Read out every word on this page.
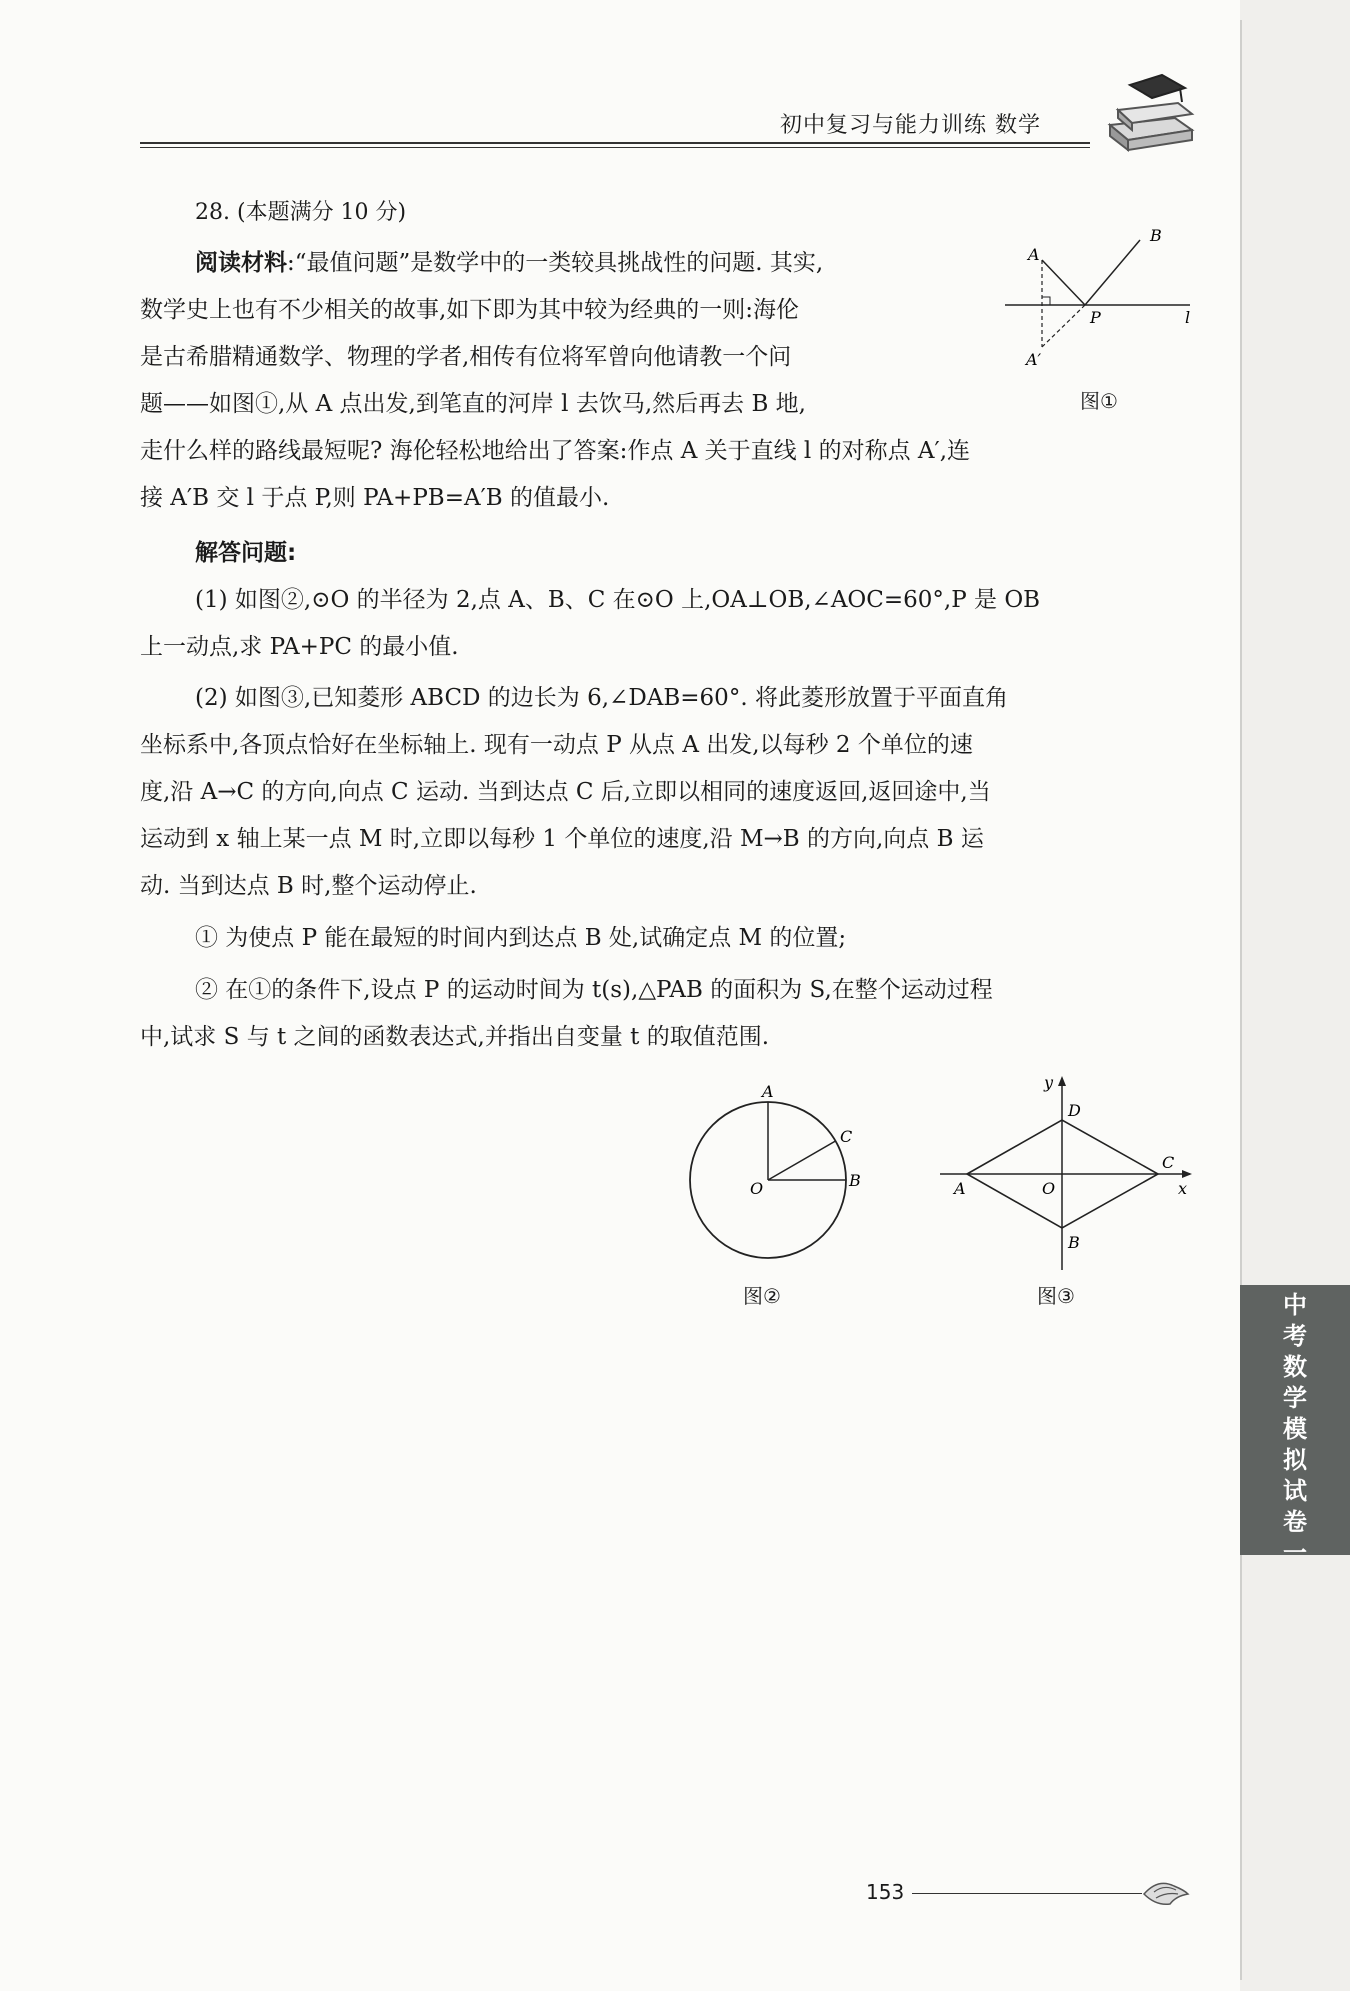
初中复习与能力训练 数学
28. (本题满分 10 分)
阅读材料:“最值问题”是数学中的一类较具挑战性的问题. 其实,
数学史上也有不少相关的故事,如下即为其中较为经典的一则:海伦
是古希腊精通数学、物理的学者,相传有位将军曾向他请教一个问
题——如图①,从 A 点出发,到笔直的河岸 l 去饮马,然后再去 B 地,
走什么样的路线最短呢? 海伦轻松地给出了答案:作点 A 关于直线 l 的对称点 A′,连
接 A′B 交 l 于点 P,则 PA+PB=A′B 的值最小.
解答问题:
(1) 如图②,⊙O 的半径为 2,点 A、B、C 在⊙O 上,OA⊥OB,∠AOC=60°,P 是 OB
上一动点,求 PA+PC 的最小值.
(2) 如图③,已知菱形 ABCD 的边长为 6,∠DAB=60°. 将此菱形放置于平面直角
坐标系中,各顶点恰好在坐标轴上. 现有一动点 P 从点 A 出发,以每秒 2 个单位的速
度,沿 A→C 的方向,向点 C 运动. 当到达点 C 后,立即以相同的速度返回,返回途中,当
运动到 x 轴上某一点 M 时,立即以每秒 1 个单位的速度,沿 M→B 的方向,向点 B 运
动. 当到达点 B 时,整个运动停止.
① 为使点 P 能在最短的时间内到达点 B 处,试确定点 M 的位置;
② 在①的条件下,设点 P 的运动时间为 t(s),△PAB 的面积为 S,在整个运动过程
中,试求 S 与 t 之间的函数表达式,并指出自变量 t 的取值范围.
A
B
P	l
A′
图①
A
B
C
O
图②
y
D
C
A	O	x
B
图③	中
考
数
学
模
拟
试
卷
一
153
